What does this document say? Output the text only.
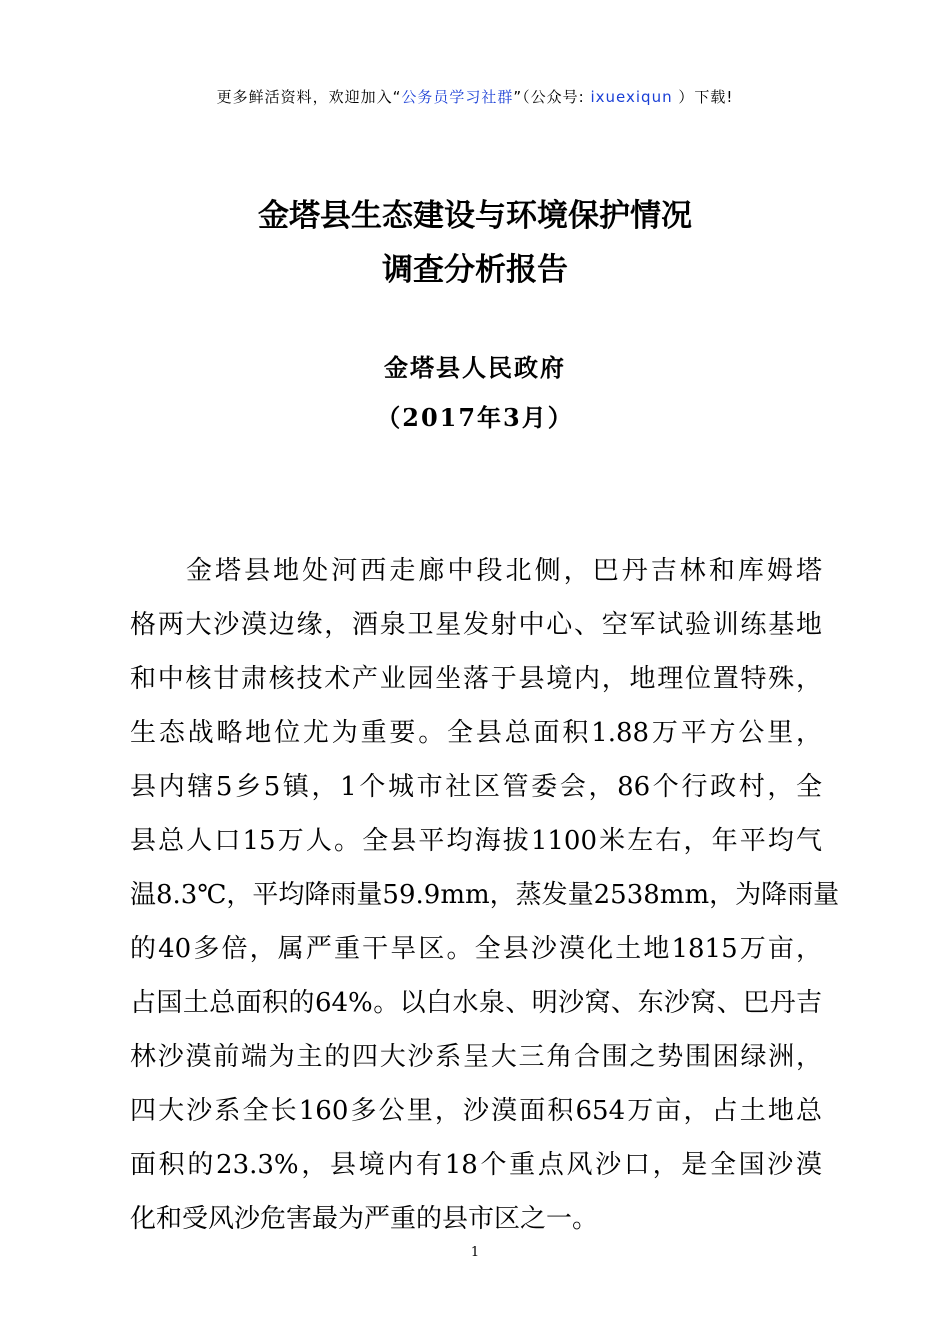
更多鲜活资料，欢迎加入“公务员学习社群”（公众号: ixuexiqun ）下载!
金塔县生态建设与环境保护情况
调查分析报告
金塔县人民政府
（2017年3月）
金塔县地处河西走廊中段北侧，巴丹吉林和库姆塔
格两大沙漠边缘，酒泉卫星发射中心、空军试验训练基地
和中核甘肃核技术产业园坐落于县境内，地理位置特殊，
生态战略地位尤为重要。全县总面积1.88万平方公里，
县内辖5乡5镇，1个城市社区管委会，86个行政村，全
县总人口15万人。全县平均海拔1100米左右，年平均气
温8.3℃，平均降雨量59.9mm，蒸发量2538mm，为降雨量
的40多倍，属严重干旱区。全县沙漠化土地1815万亩，
占国土总面积的64%。以白水泉、明沙窝、东沙窝、巴丹吉
林沙漠前端为主的四大沙系呈大三角合围之势围困绿洲，
四大沙系全长160多公里，沙漠面积654万亩，占土地总
面积的23.3%，县境内有18个重点风沙口，是全国沙漠
化和受风沙危害最为严重的县市区之一。
1
